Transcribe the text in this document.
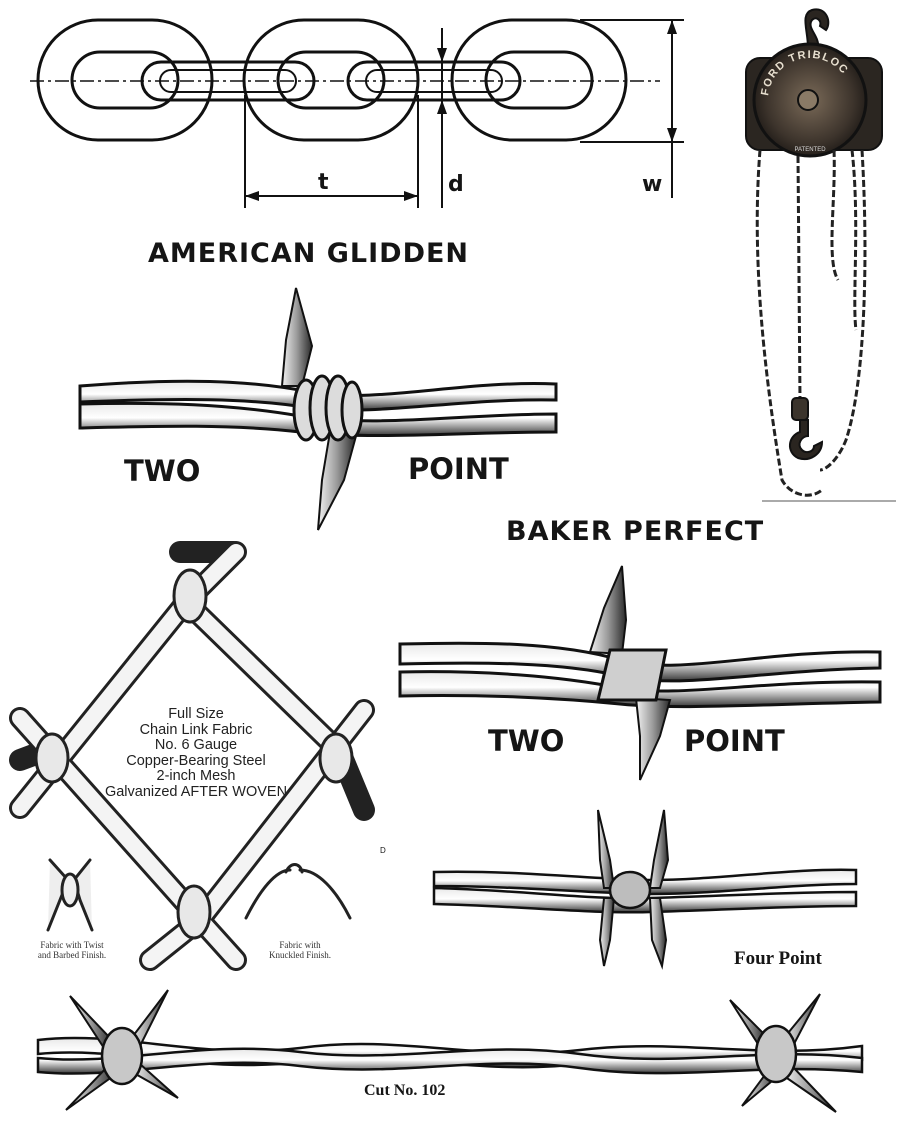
FORD TRIBLOC
PATENTED
t	d	w
AMERICAN GLIDDEN
TWO	POINT
BAKER PERFECT
TWO	POINT
Full Size
Chain Link Fabric
No. 6 Gauge
Copper-Bearing Steel
2-inch Mesh
Galvanized AFTER WOVEN
Fabric with Twist
and Barbed Finish.
Fabric with
Knuckled Finish.
D
Four Point
Cut No. 102
